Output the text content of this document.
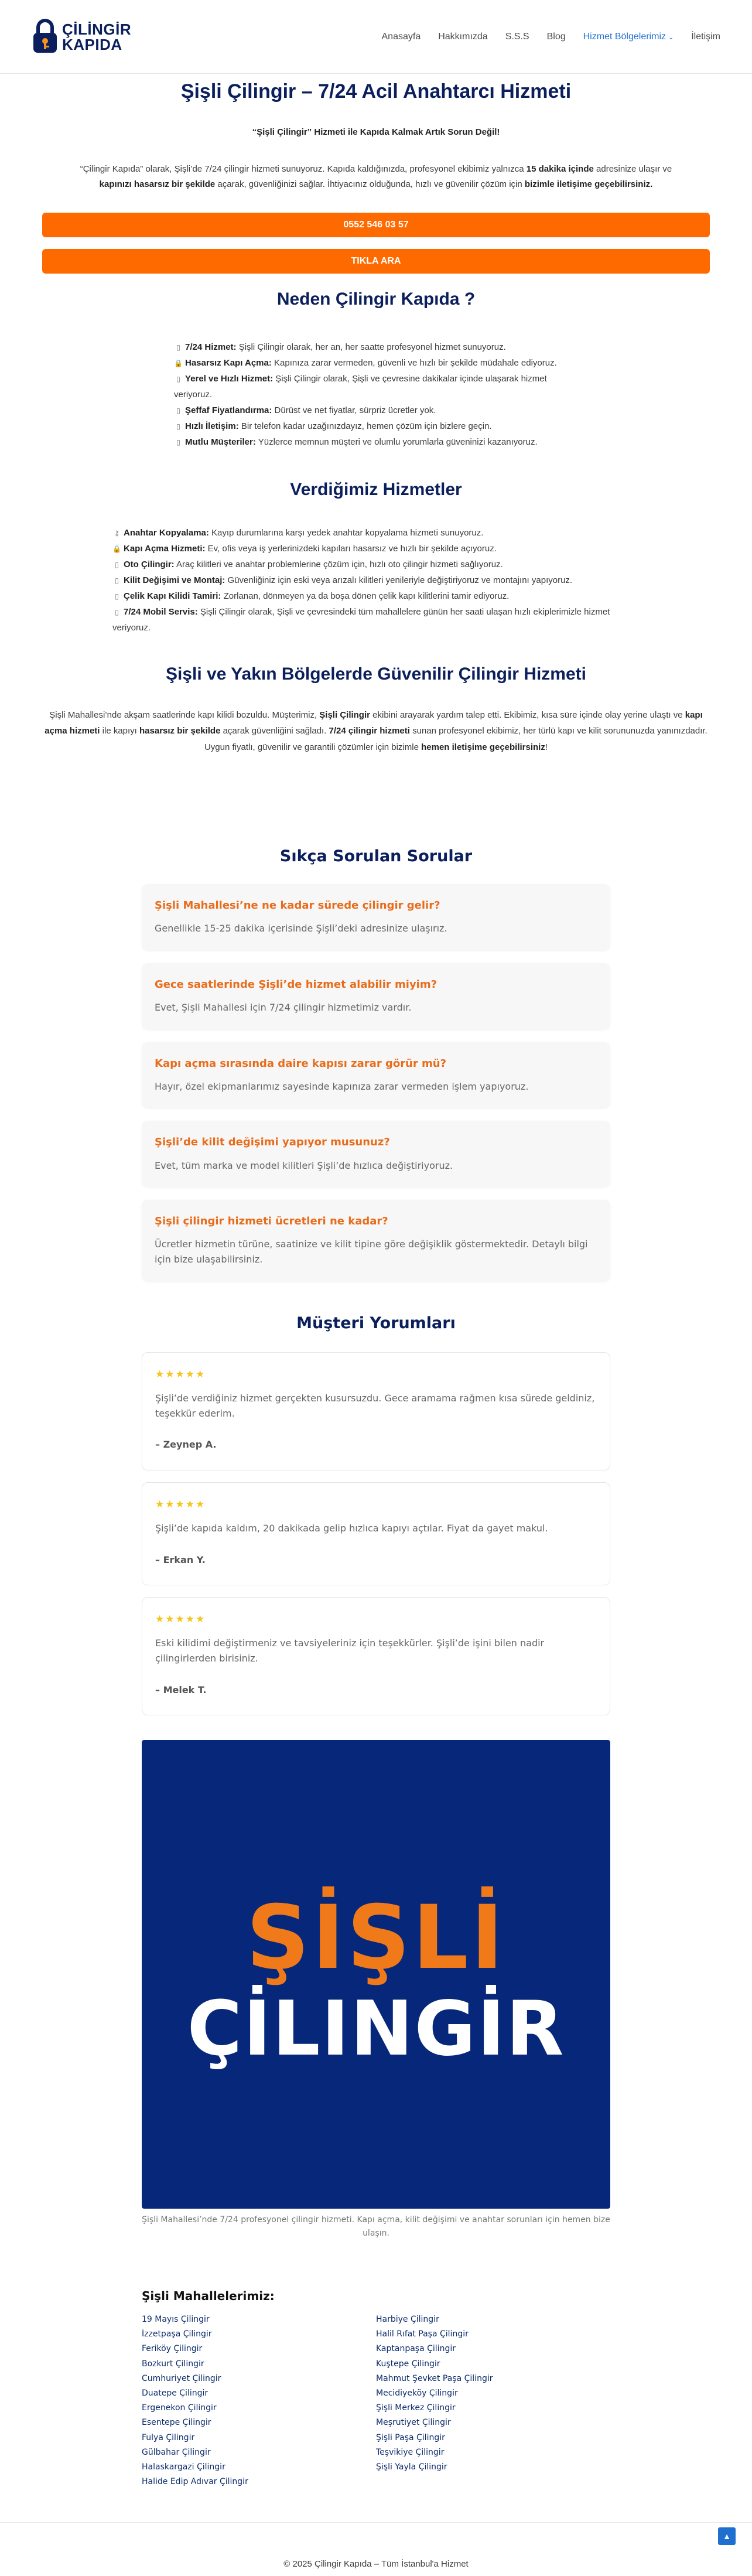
ÇİLİNGİR
KAPIDA	Anasayfa Hakkımızda S.S.S Blog Hizmet Bölgelerimiz ⌄ İletişim
Şişli Çilingir – 7/24 Acil Anahtarcı Hizmeti

“Şişli Çilingir” Hizmeti ile Kapıda Kalmak Artık Sorun Değil!

“Çilingir Kapıda” olarak, Şişli’de 7/24 çilingir hizmeti sunuyoruz. Kapıda kaldığınızda, profesyonel ekibimiz yalnızca 15 dakika içinde adresinize ulaşır ve kapınızı hasarsız bir şekilde açarak, güvenliğinizi sağlar. İhtiyacınız olduğunda, hızlı ve güvenilir çözüm için bizimle iletişime geçebilirsiniz.

0552 546 03 57
TIKLA ARA
Neden Çilingir Kapıda ?
▯ 7/24 Hizmet: Şişli Çilingir olarak, her an, her saatte profesyonel hizmet sunuyoruz.
🔒 Hasarsız Kapı Açma: Kapınıza zarar vermeden, güvenli ve hızlı bir şekilde müdahale ediyoruz.
▯ Yerel ve Hızlı Hizmet: Şişli Çilingir olarak, Şişli ve çevresine dakikalar içinde ulaşarak hizmet veriyoruz.
▯ Şeffaf Fiyatlandırma: Dürüst ve net fiyatlar, sürpriz ücretler yok.
▯ Hızlı İletişim: Bir telefon kadar uzağınızdayız, hemen çözüm için bizlere geçin.
▯ Mutlu Müşteriler: Yüzlerce memnun müşteri ve olumlu yorumlarla güveninizi kazanıyoruz.
Verdiğimiz Hizmetler
⚷ Anahtar Kopyalama: Kayıp durumlarına karşı yedek anahtar kopyalama hizmeti sunuyoruz.
🔒 Kapı Açma Hizmeti: Ev, ofis veya iş yerlerinizdeki kapıları hasarsız ve hızlı bir şekilde açıyoruz.
▯ Oto Çilingir: Araç kilitleri ve anahtar problemlerine çözüm için, hızlı oto çilingir hizmeti sağlıyoruz.
▯ Kilit Değişimi ve Montaj: Güvenliğiniz için eski veya arızalı kilitleri yenileriyle değiştiriyoruz ve montajını yapıyoruz.
▯ Çelik Kapı Kilidi Tamiri: Zorlanan, dönmeyen ya da boşa dönen çelik kapı kilitlerini tamir ediyoruz.
▯ 7/24 Mobil Servis: Şişli Çilingir olarak, Şişli ve çevresindeki tüm mahallelere günün her saati ulaşan hızlı ekiplerimizle hizmet veriyoruz.
Şişli ve Yakın Bölgelerde Güvenilir Çilingir Hizmeti

Şişli Mahallesi’nde akşam saatlerinde kapı kilidi bozuldu. Müşterimiz, Şişli Çilingir ekibini arayarak yardım talep etti. Ekibimiz, kısa süre içinde olay yerine ulaştı ve kapı açma hizmeti ile kapıyı hasarsız bir şekilde açarak güvenliğini sağladı. 7/24 çilingir hizmeti sunan profesyonel ekibimiz, her türlü kapı ve kilit sorununuzda yanınızdadır. Uygun fiyatlı, güvenilir ve garantili çözümler için bizimle hemen iletişime geçebilirsiniz!

Sıkça Sorulan Sorular
Şişli Mahallesi’ne ne kadar sürede çilingir gelir?
Genellikle 15-25 dakika içerisinde Şişli’deki adresinize ulaşırız.
Gece saatlerinde Şişli’de hizmet alabilir miyim?
Evet, Şişli Mahallesi için 7/24 çilingir hizmetimiz vardır.
Kapı açma sırasında daire kapısı zarar görür mü?
Hayır, özel ekipmanlarımız sayesinde kapınıza zarar vermeden işlem yapıyoruz.
Şişli’de kilit değişimi yapıyor musunuz?
Evet, tüm marka ve model kilitleri Şişli’de hızlıca değiştiriyoruz.
Şişli çilingir hizmeti ücretleri ne kadar?
Ücretler hizmetin türüne, saatinize ve kilit tipine göre değişiklik göstermektedir. Detaylı bilgi için bize ulaşabilirsiniz.
Müşteri Yorumları
★★★★★
Şişli’de verdiğiniz hizmet gerçekten kusursuzdu. Gece aramama rağmen kısa sürede geldiniz, teşekkür ederim.
– Zeynep A.
★★★★★
Şişli’de kapıda kaldım, 20 dakikada gelip hızlıca kapıyı açtılar. Fiyat da gayet makul.
– Erkan Y.
★★★★★
Eski kilidimi değiştirmeniz ve tavsiyeleriniz için teşekkürler. Şişli’de işini bilen nadir çilingirlerden birisiniz.
– Melek T.
ŞİŞLİ
ÇİLINGİR

Şişli Mahallesi’nde 7/24 profesyonel çilingir hizmeti. Kapı açma, kilit değişimi ve anahtar sorunları için hemen bize ulaşın.

Şişli Mahallelerimiz:
19 Mayıs Çilingir
İzzetpaşa Çilingir
Feriköy Çilingir
Bozkurt Çilingir
Cumhuriyet Çilingir
Duatepe Çilingir
Ergenekon Çilingir
Esentepe Çilingir
Fulya Çilingir
Gülbahar Çilingir
Halaskargazi Çilingir
Halide Edip Adıvar Çilingir
Harbiye Çilingir
Halil Rıfat Paşa Çilingir
Kaptanpaşa Çilingir
Kuştepe Çilingir
Mahmut Şevket Paşa Çilingir
Mecidiyeköy Çilingir
Şişli Merkez Çilingir
Meşrutiyet Çilingir
Şişli Paşa Çilingir
Teşvikiye Çilingir
Şişli Yayla Çilingir
▲
© 2025 Çilingir Kapıda – Tüm İstanbul'a Hizmet
